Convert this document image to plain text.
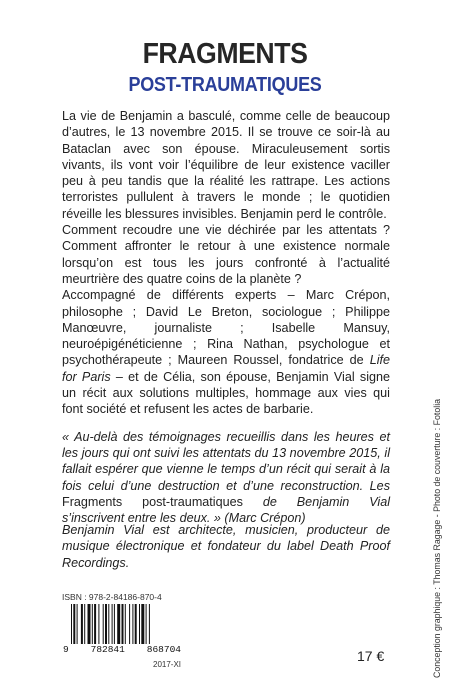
FRAGMENTS
POST-TRAUMATIQUES

La vie de Benjamin a basculé, comme celle de beaucoup d’autres, le 13 novembre 2015. Il se trouve ce soir-là au Bataclan avec son épouse. Miraculeusement sortis vivants, ils vont voir l’équilibre de leur existence vaciller peu à peu tandis que la réalité les rattrape. Les actions terroristes pullulent à travers le monde ; le quotidien réveille les blessures invisibles. Benjamin perd le contrôle.

Comment recoudre une vie déchirée par les attentats ? Comment affronter le retour à une existence normale lorsqu’on est tous les jours confronté à l’actualité meurtrière des quatre coins de la planète ?

Accompagné de différents experts – Marc Crépon, philosophe ; David Le Breton, sociologue ; Philippe Manœuvre, journaliste ; Isabelle Mansuy, neuroépigénéticienne ; Rina Nathan, psychologue et psychothérapeute ; Maureen Roussel, fondatrice de Life for Paris – et de Célia, son épouse, Benjamin Vial signe un récit aux solutions multiples, hommage aux vies qui font société et refusent les actes de barbarie.

« Au-delà des témoignages recueillis dans les heures et les jours qui ont suivi les attentats du 13 novembre 2015, il fallait espérer que vienne le temps d’un récit qui serait à la fois celui d’une destruction et d’une reconstruction. Les Fragments post-traumatiques de Benjamin Vial s’inscrivent entre les deux. » (Marc Crépon)

Benjamin Vial est architecte, musicien, producteur de musique électronique et fondateur du label Death Proof Recordings.
ISBN : 978-2-84186-870-4
9 782841 868704
2017-XI
17 €	Conception graphique : Thomas Ragage - Photo de couverture : Fotolia
